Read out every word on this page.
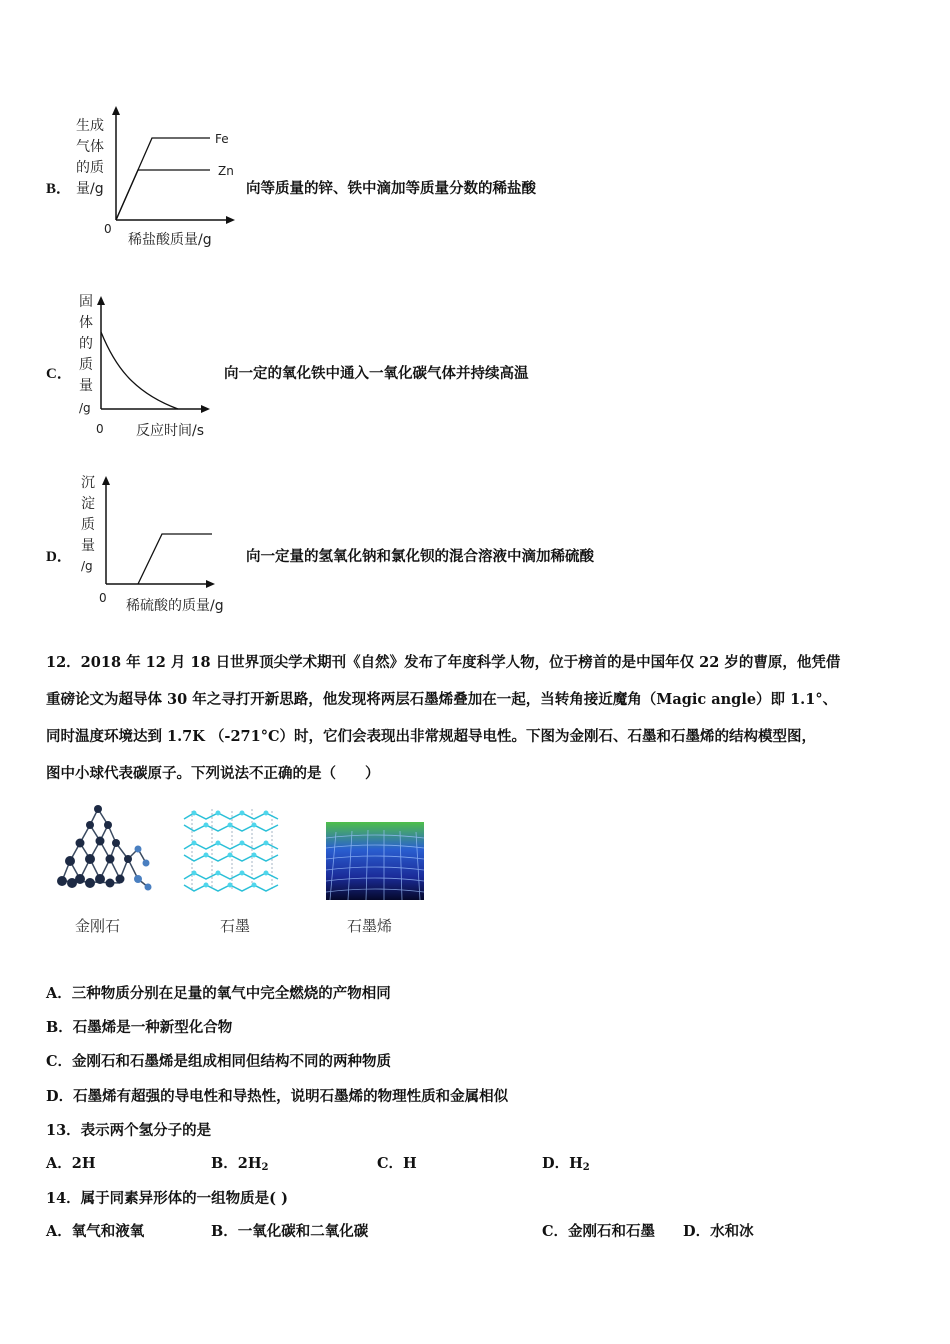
B．
Fe
Zn
生成
气体
的质
量/g
0
稀盐酸质量/g
向等质量的锌、铁中滴加等质量分数的稀盐酸
C．
固
体
的
质
量
/g
0 反应时间/s
向一定的氧化铁中通入一氧化碳气体并持续高温
D．
沉
淀
质
量
/g
0 稀硫酸的质量/g
向一定量的氢氧化钠和氯化钡的混合溶液中滴加稀硫酸
12．2018 年 12 月 18 日世界顶尖学术期刊《自然》发布了年度科学人物，位于榜首的是中国年仅 22 岁的曹原，他凭借
重磅论文为超导体 30 年之寻打开新思路，他发现将两层石墨烯叠加在一起，当转角接近魔角（Magic angle）即 1.1°、
同时温度环境达到 1.7K （-271°C）时，它们会表现出非常规超导电性。下图为金刚石、石墨和石墨烯的结构模型图，
图中小球代表碳原子。下列说法不正确的是（　　）
金刚石	石墨	石墨烯
A．三种物质分别在足量的氧气中完全燃烧的产物相同
B．石墨烯是一种新型化合物
C．金刚石和石墨烯是组成相同但结构不同的两种物质
D．石墨烯有超强的导电性和导热性，说明石墨烯的物理性质和金属相似
13．表示两个氢分子的是
A．2H	B．$2H_2$	C．H	D．$H_2$
14．属于同素异形体的一组物质是( )
A．氧气和液氧	B．一氧化碳和二氧化碳	C．金刚石和石墨 D．水和冰
